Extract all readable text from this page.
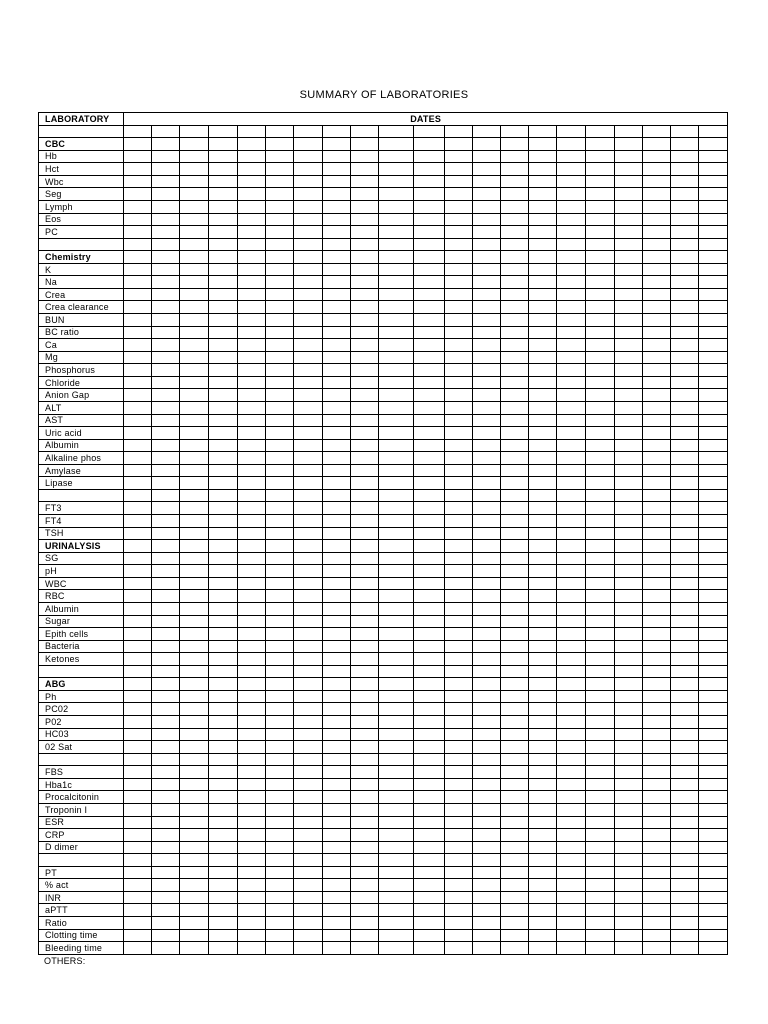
SUMMARY OF LABORATORIES
LABORATORY	DATES																				

CBC																					
Hb																					
Hct																					
Wbc																					
Seg																					
Lymph																					
Eos																					
PC																					

Chemistry																					
K																					
Na																					
Crea																					
Crea clearance																					
BUN																					
BC ratio																					
Ca																					
Mg																					
Phosphorus																					
Chloride																					
Anion Gap																					
ALT																					
AST																					
Uric acid																					
Albumin																					
Alkaline phos																					
Amylase																					
Lipase																					

FT3																					
FT4																					
TSH																					
URINALYSIS																					
SG																					
pH																					
WBC																					
RBC																					
Albumin																					
Sugar																					
Epith cells																					
Bacteria																					
Ketones																					

ABG																					
Ph																					
PC02																					
P02																					
HC03																					
02 Sat																					

FBS																					
Hba1c																					
Procalcitonin																					
Troponin I																					
ESR																					
CRP																					
D dimer																					

PT																					
% act																					
INR																					
aPTT																					
Ratio																					
Clotting time																					
Bleeding time																					
OTHERS:
